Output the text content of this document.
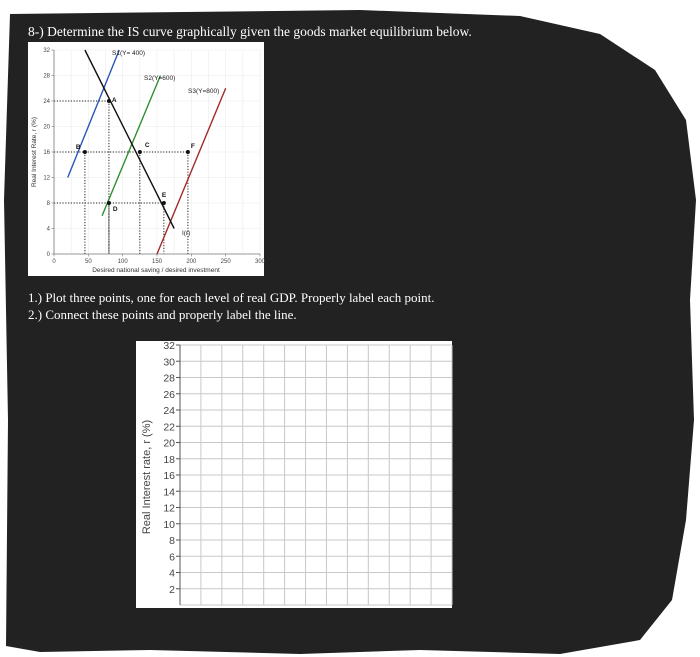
8-) Determine the IS curve graphically given the goods market equilibrium below.
0	50	100	150	200	250	300
0
4
8
12
16
20
24
28
32
A
B	C
D
E
F
Desired national saving / desired investment
Real Interest Rate, r (%)
S1(Y= 400)
S2(Y=600)
S3(Y=800)
I(r)
1.) Plot three points, one for each level of real GDP. Properly label each point.
2.) Connect these points and properly label the line.
2
4
6
8
10
12
14
16
18
20
22
24
26
28
30
32
Real Interest rate, r (%)
